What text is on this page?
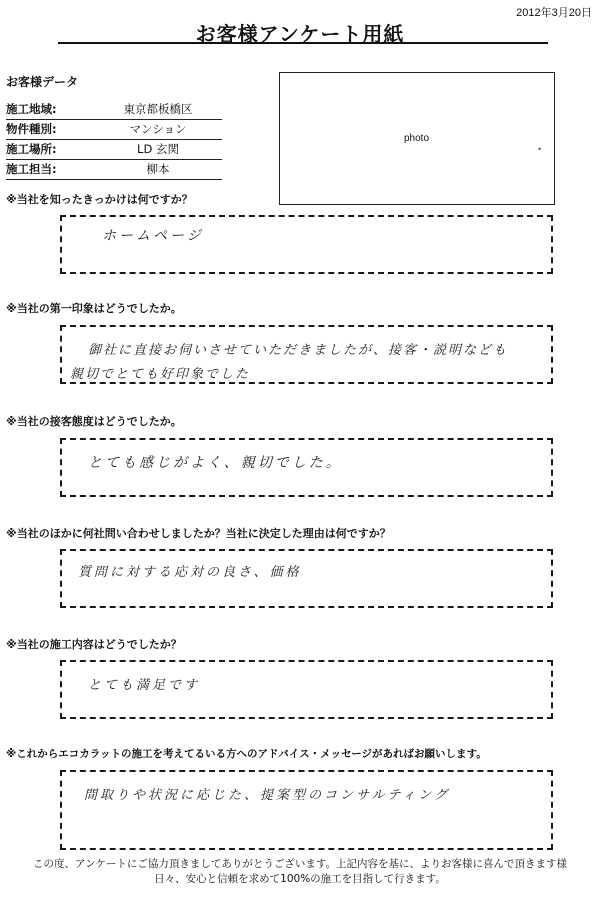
2012年3月20日
お客様アンケート用紙
お客様データ
施工地域:	東京都板橋区
物件種別:	マンション
施工場所:	LD 玄関
施工担当:	柳本
photo
•
※当社を知ったきっかけは何ですか？
ホームページ
※当社の第一印象はどうでしたか。
御社に直接お伺いさせていただきましたが、接客・説明なども
親切でとても好印象でした
※当社の接客態度はどうでしたか。
とても感じがよく、親切でした。
※当社のほかに何社問い合わせしましたか？当社に決定した理由は何ですか？
質問に対する応対の良さ、価格
※当社の施工内容はどうでしたか？
とても満足です
※これからエコカラットの施工を考えてるいる方へのアドバイス・メッセージがあればお願いします。
間取りや状況に応じた、提案型のコンサルティング
この度、アンケートにご協力頂きましてありがとうございます。上記内容を基に、よりお客様に喜んで頂きます様
日々、安心と信頼を求めて100%の施工を目指して行きます。
